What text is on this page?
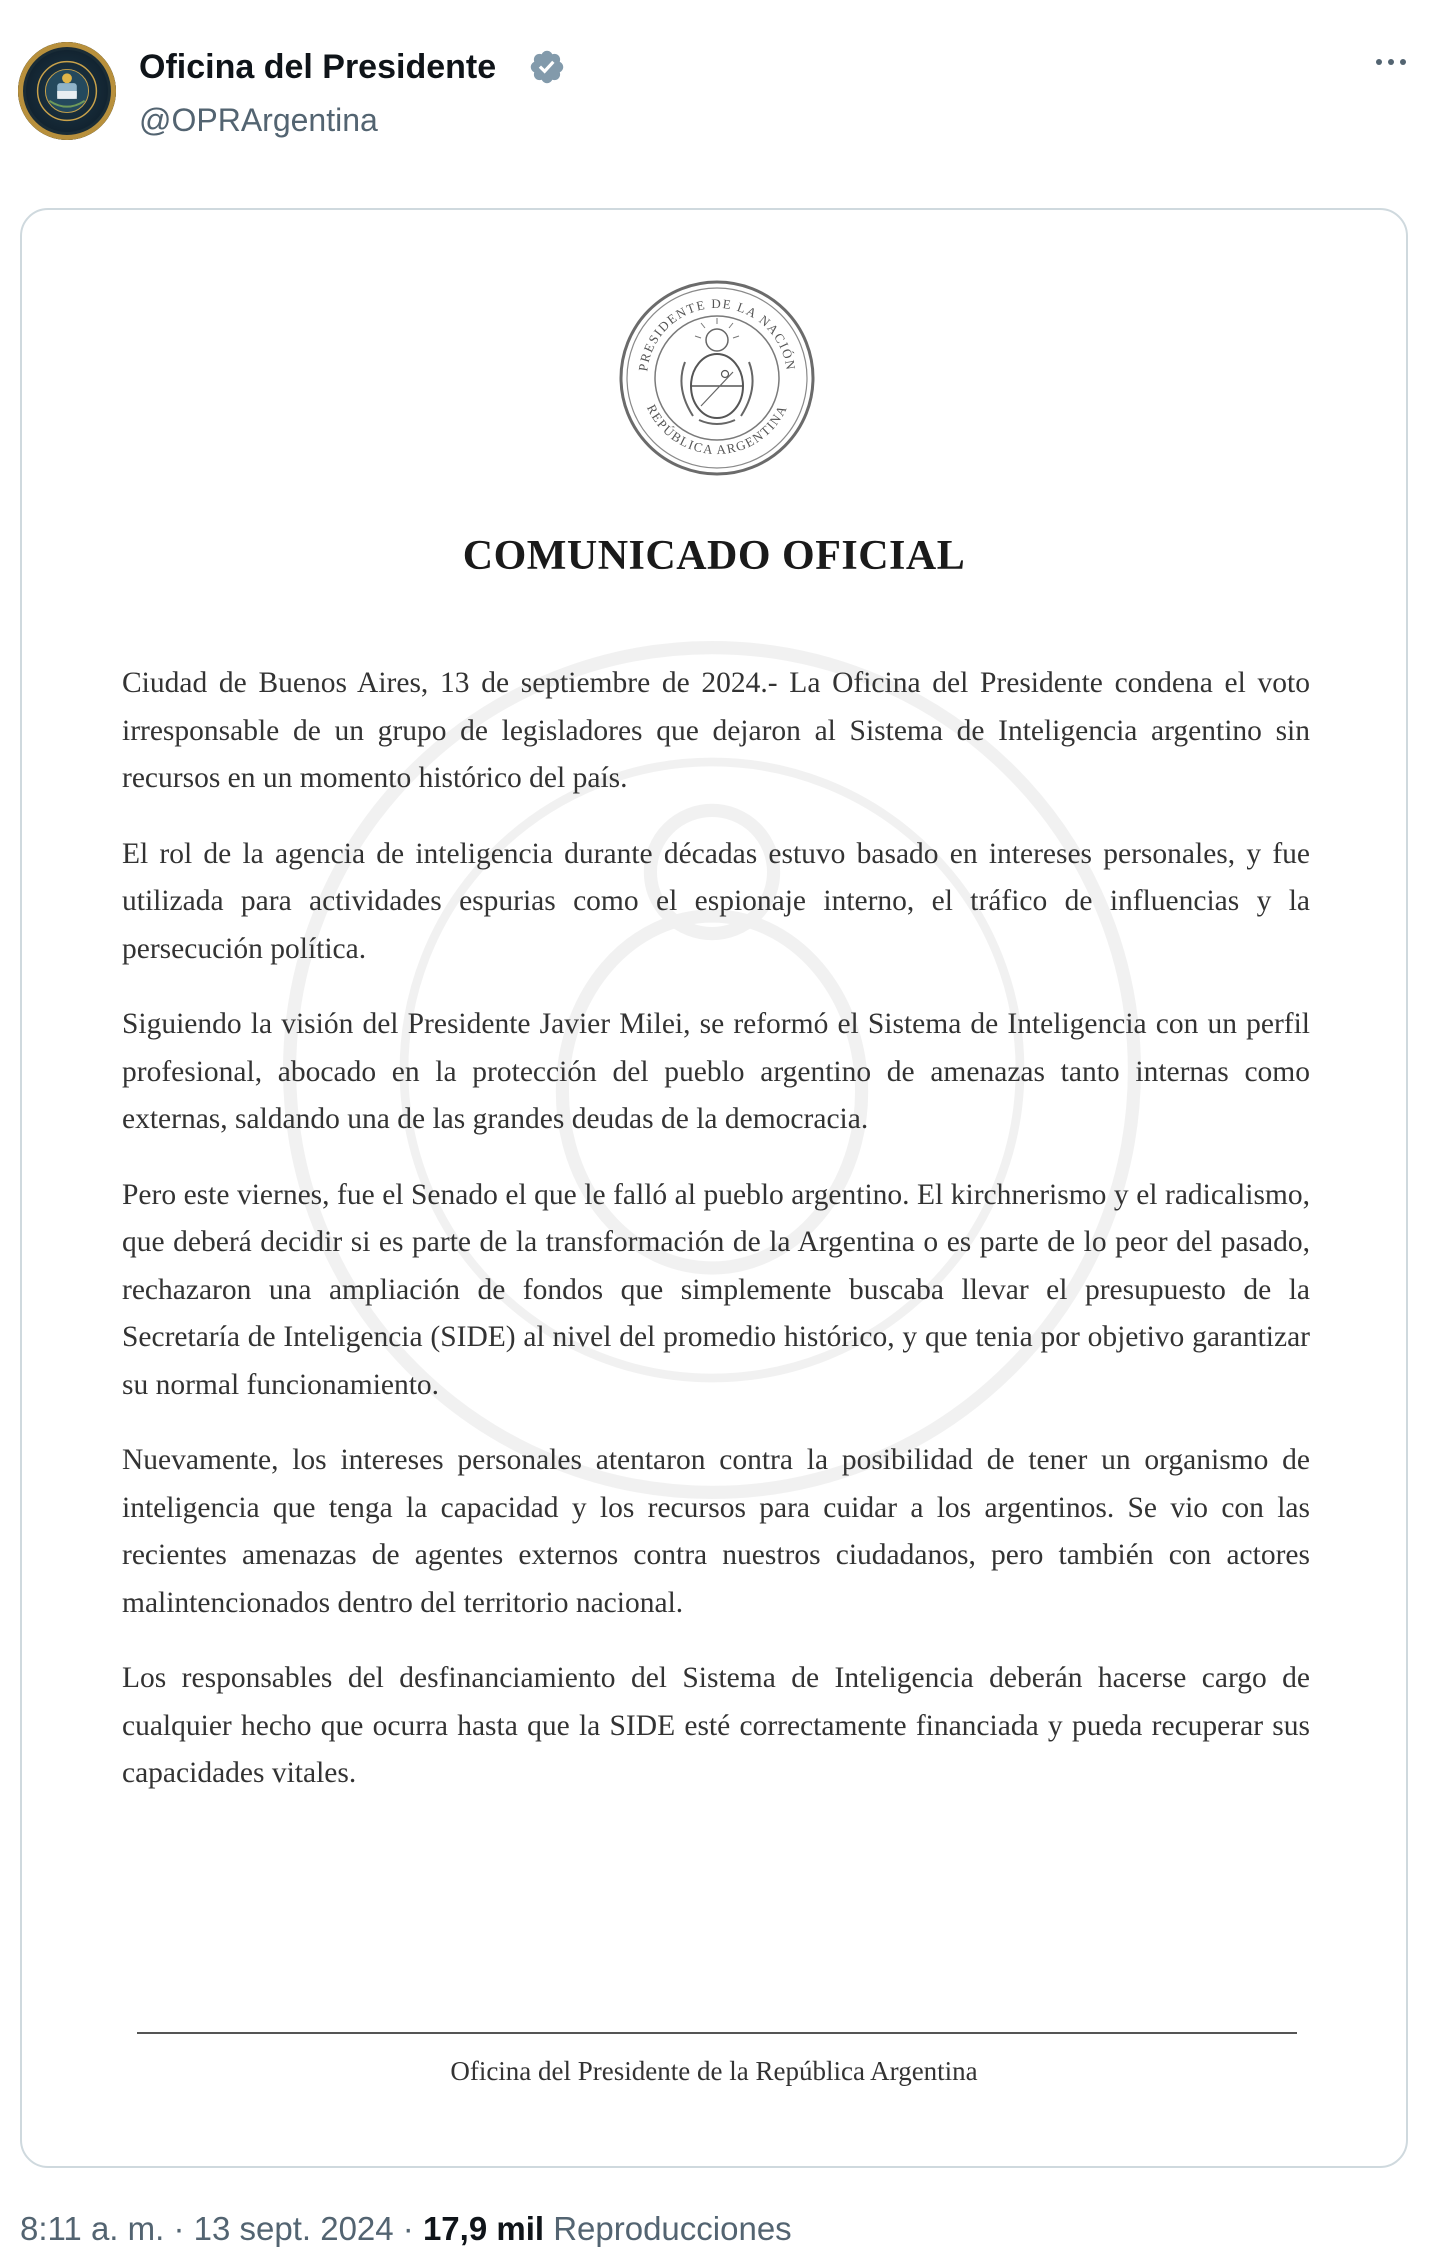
Oficina del Presidente
@OPRArgentina
PRESIDENTE DE LA NACIÓN
REPÚBLICA ARGENTINA
COMUNICADO OFICIAL

Ciudad de Buenos Aires, 13 de septiembre de 2024.- La Oficina del Presidente condena el voto irresponsable de un grupo de legisladores que dejaron al Sistema de Inteligencia argentino sin recursos en un momento histórico del país.

El rol de la agencia de inteligencia durante décadas estuvo basado en intereses personales, y fue utilizada para actividades espurias como el espionaje interno, el tráfico de influencias y la persecución política.

Siguiendo la visión del Presidente Javier Milei, se reformó el Sistema de Inteligencia con un perfil profesional, abocado en la protección del pueblo argentino de amenazas tanto internas como externas, saldando una de las grandes deudas de la democracia.

Pero este viernes, fue el Senado el que le falló al pueblo argentino. El kirchnerismo y el radicalismo, que deberá decidir si es parte de la transformación de la Argentina o es parte de lo peor del pasado, rechazaron una ampliación de fondos que simplemente buscaba llevar el presupuesto de la Secretaría de Inteligencia (SIDE) al nivel del promedio histórico, y que tenia por objetivo garantizar su normal funcionamiento.

Nuevamente, los intereses personales atentaron contra la posibilidad de tener un organismo de inteligencia que tenga la capacidad y los recursos para cuidar a los argentinos. Se vio con las recientes amenazas de agentes externos contra nuestros ciudadanos, pero también con actores malintencionados dentro del territorio nacional.

Los responsables del desfinanciamiento del Sistema de Inteligencia deberán hacerse cargo de cualquier hecho que ocurra hasta que la SIDE esté correctamente financiada y pueda recuperar sus capacidades vitales.

Oficina del Presidente de la República Argentina
8:11 a. m. · 13 sept. 2024 · 17,9 mil Reproducciones
